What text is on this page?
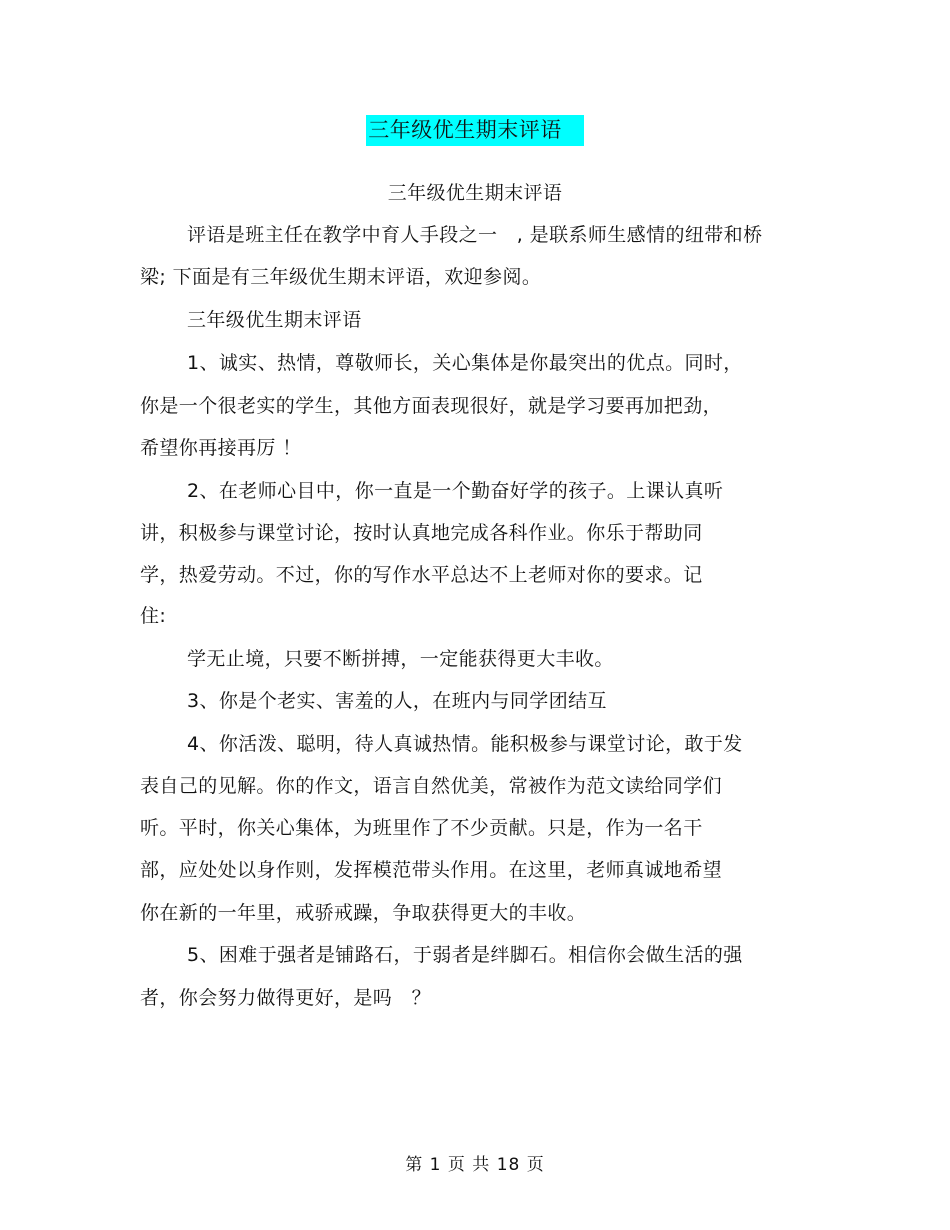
三年级优生期末评语
三年级优生期末评语
评语是班主任在教学中育人手段之一　, 是联系师生感情的纽带和桥
梁; 下面是有三年级优生期末评语，欢迎参阅。
三年级优生期末评语
1、诚实、热情，尊敬师长，关心集体是你最突出的优点。同时，
你是一个很老实的学生，其他方面表现很好，就是学习要再加把劲，
希望你再接再厉 ！
2、在老师心目中，你一直是一个勤奋好学的孩子。上课认真听
讲，积极参与课堂讨论，按时认真地完成各科作业。你乐于帮助同
学，热爱劳动。不过，你的写作水平总达不上老师对你的要求。记
住:
学无止境，只要不断拼搏，一定能获得更大丰收。
3、你是个老实、害羞的人，在班内与同学团结互
4、你活泼、聪明，待人真诚热情。能积极参与课堂讨论，敢于发
表自己的见解。你的作文，语言自然优美，常被作为范文读给同学们
听。平时，你关心集体，为班里作了不少贡献。只是，作为一名干
部，应处处以身作则，发挥模范带头作用。在这里，老师真诚地希望
你在新的一年里，戒骄戒躁，争取获得更大的丰收。
5、困难于强者是铺路石，于弱者是绊脚石。相信你会做生活的强
者，你会努力做得更好，是吗　？
第 1 页 共 18 页
